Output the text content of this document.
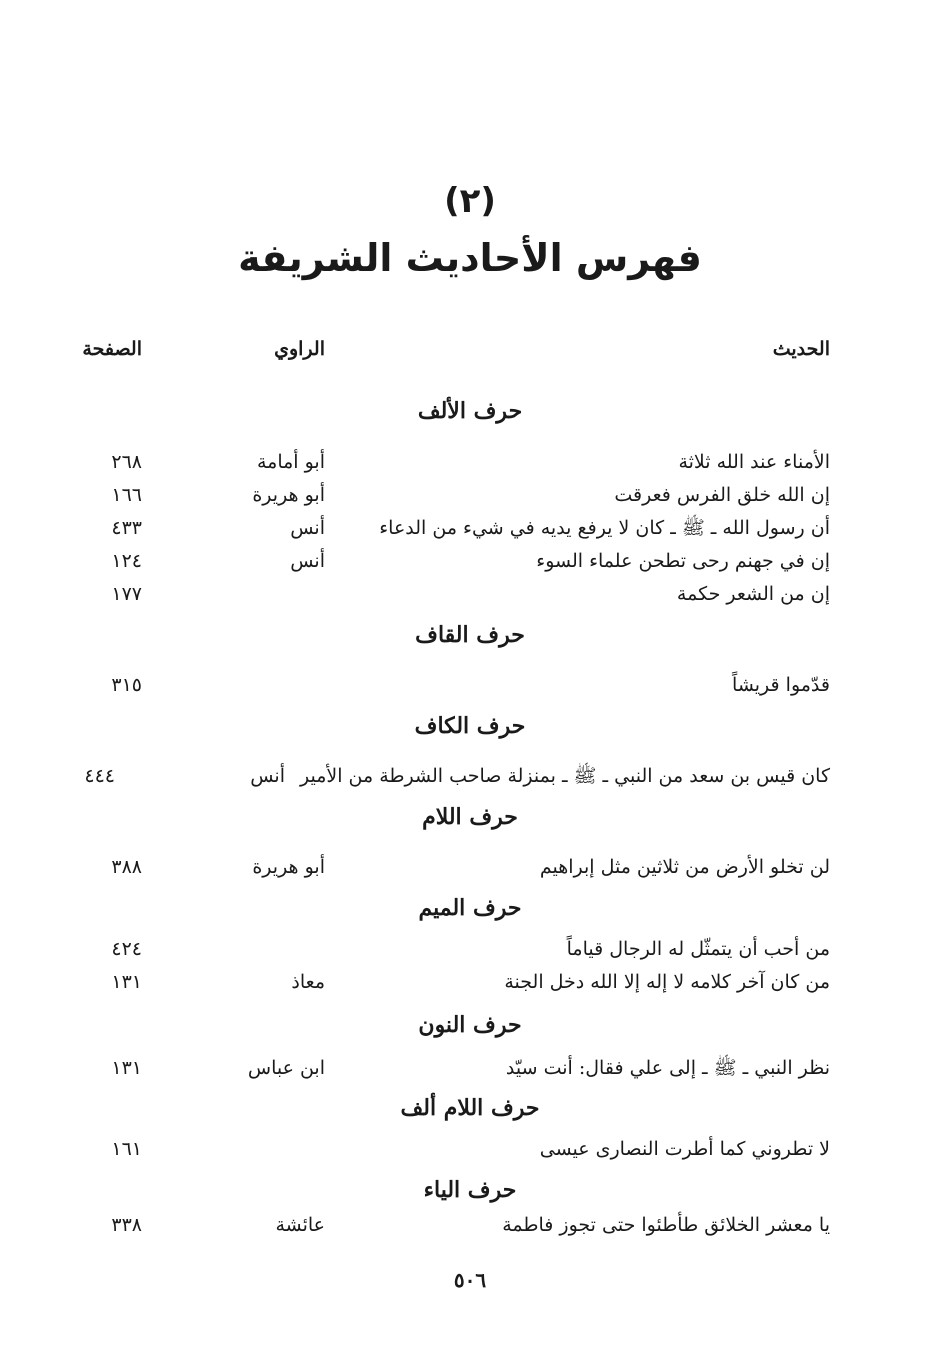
(٢)
فهرس الأحاديث الشريفة
الحديث
الراوي
الصفحة
حرف الألف
الأمناء عند الله ثلاثة
أبو أمامة
٢٦٨
إن الله خلق الفرس فعرقت
أبو هريرة
١٦٦
أن رسول الله ـ ﷺ ـ كان لا يرفع يديه في شيء من الدعاء
أنس
٤٣٣
إن في جهنم رحى تطحن علماء السوء
أنس
١٢٤
إن من الشعر حكمة
١٧٧
حرف القاف
قدّموا قريشاً
٣١٥
حرف الكاف
كان قيس بن سعد من النبي ـ ﷺ ـ بمنزلة صاحب الشرطة من الأمير
أنس
٤٤٤
حرف اللام
لن تخلو الأرض من ثلاثين مثل إبراهيم
أبو هريرة
٣٨٨
حرف الميم
من أحب أن يتمثّل له الرجال قياماً
٤٢٤
من كان آخر كلامه لا إله إلا الله دخل الجنة
معاذ
١٣١
حرف النون
نظر النبي ـ ﷺ ـ إلى علي فقال: أنت سيّد
ابن عباس
١٣١
حرف اللام ألف
لا تطروني كما أطرت النصارى عيسى
١٦١
حرف الياء
يا معشر الخلائق طأطئوا حتى تجوز فاطمة
عائشة
٣٣٨
٥٠٦
